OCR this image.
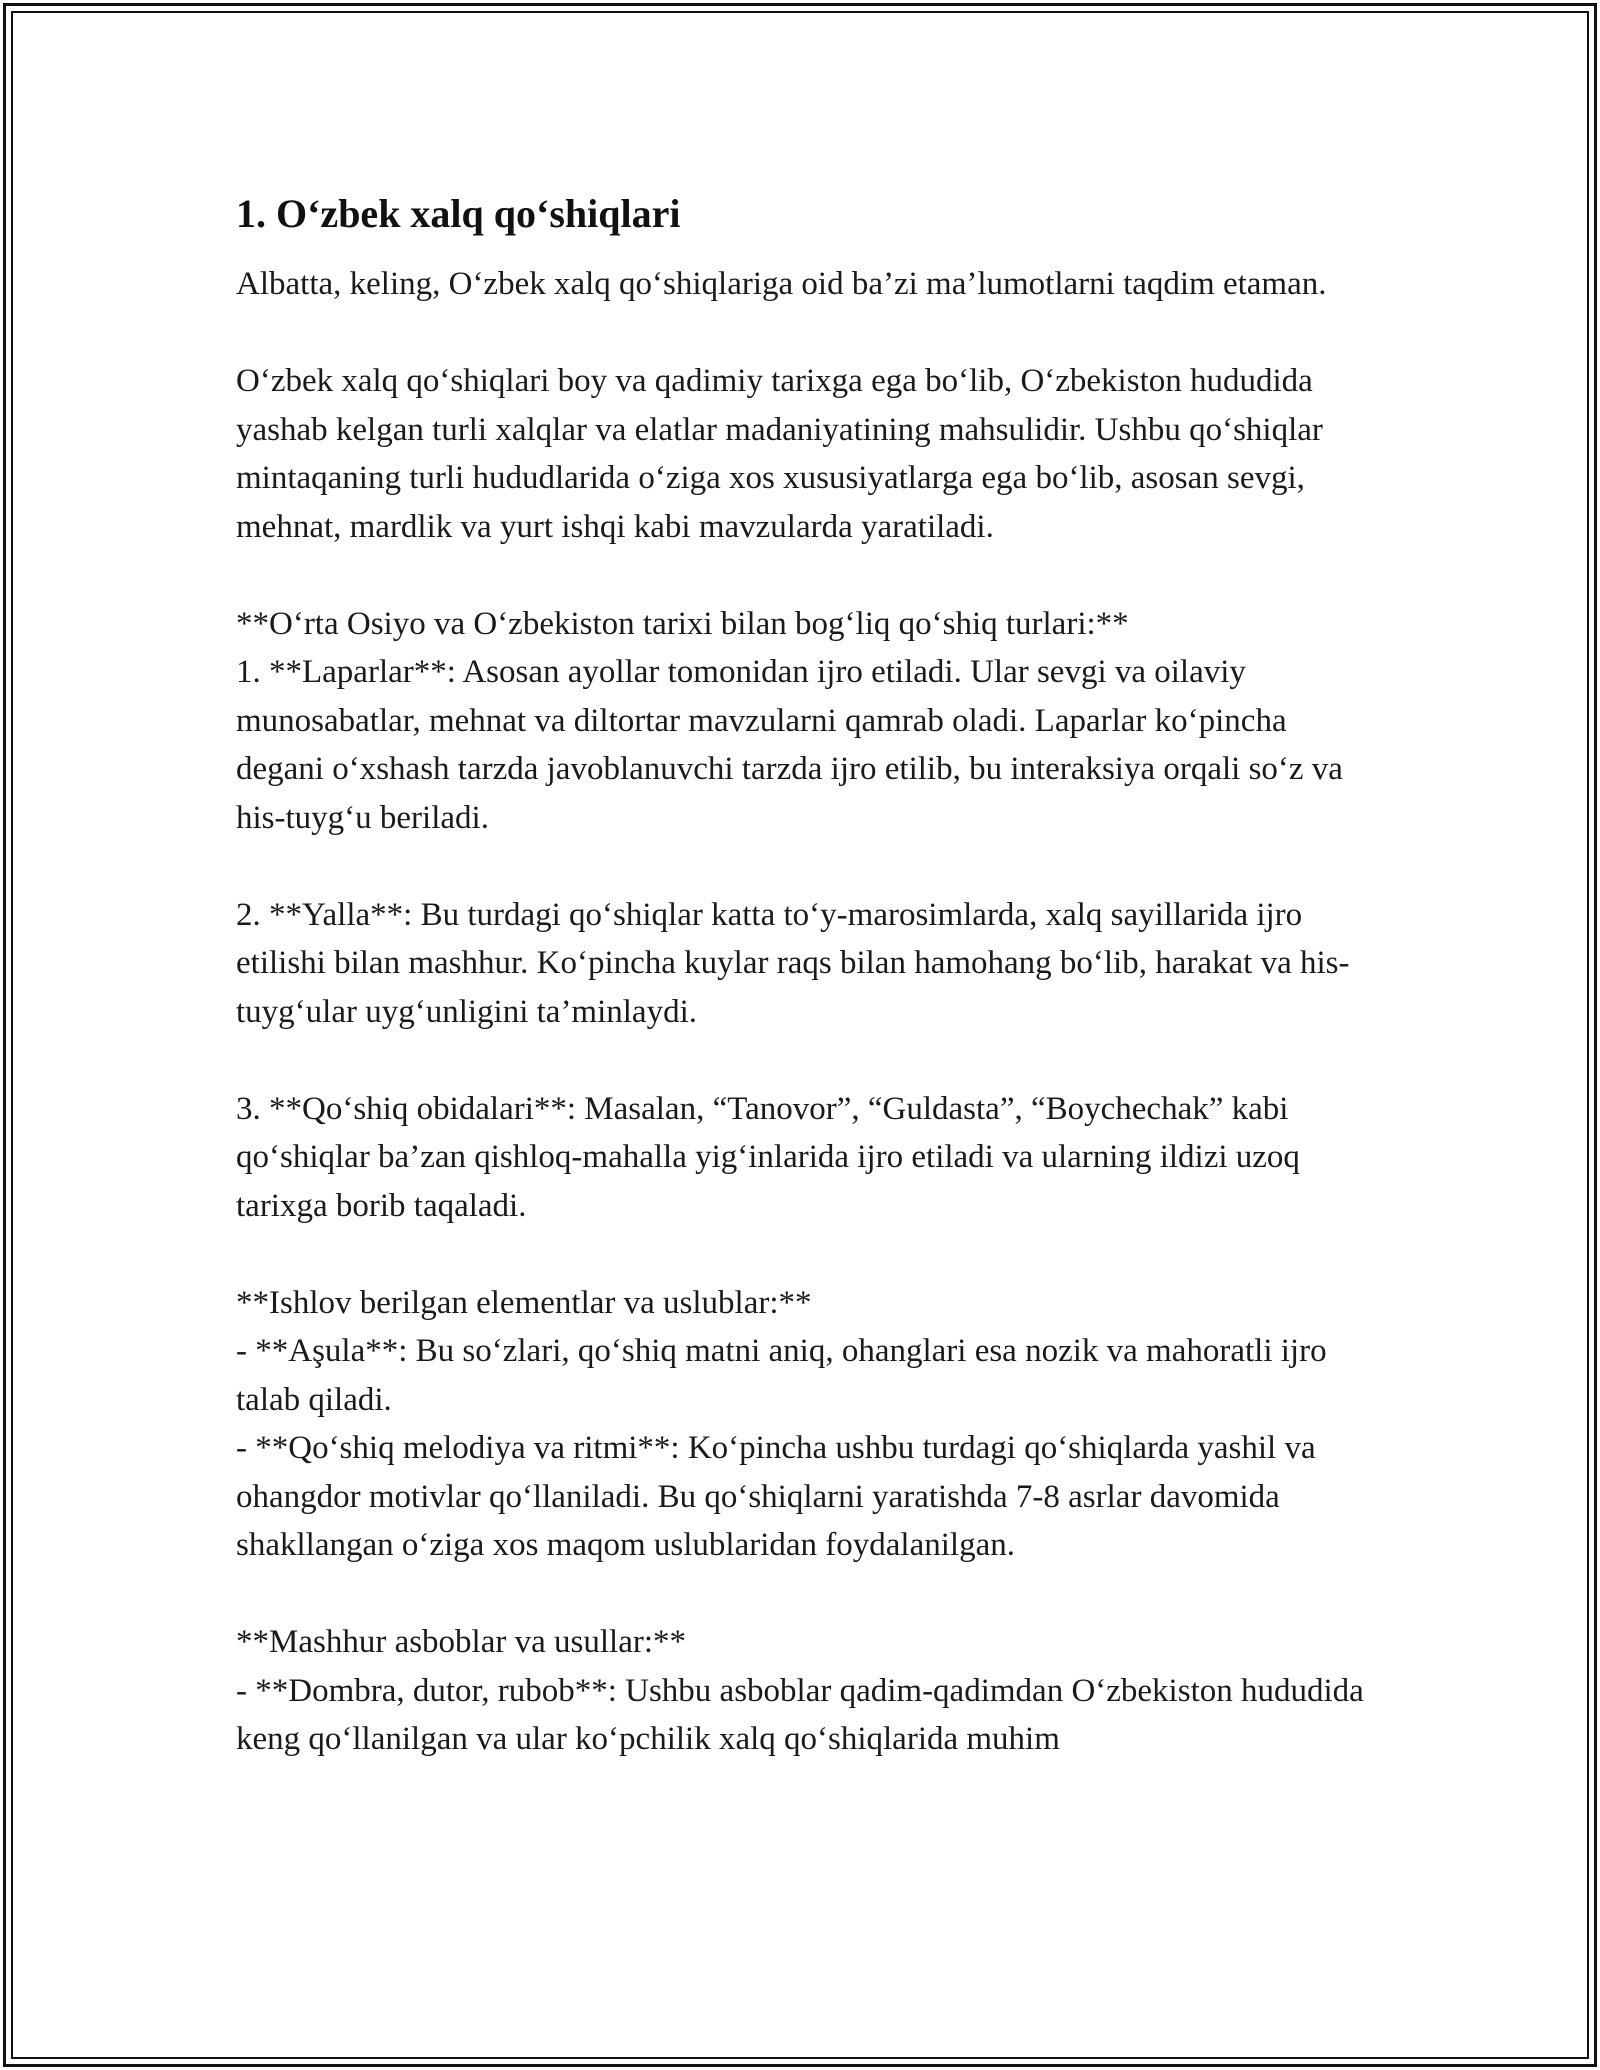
1. O‘zbek xalq qo‘shiqlari

Albatta, keling, O‘zbek xalq qo‘shiqlariga oid ba’zi ma’lumotlarni taqdim etaman.

O‘zbek xalq qo‘shiqlari boy va qadimiy tarixga ega bo‘lib, O‘zbekiston hududida yashab kelgan turli xalqlar va elatlar madaniyatining mahsulidir. Ushbu qo‘shiqlar mintaqaning turli hududlarida o‘ziga xos xususiyatlarga ega bo‘lib, asosan sevgi, mehnat, mardlik va yurt ishqi kabi mavzularda yaratiladi.

**O‘rta Osiyo va O‘zbekiston tarixi bilan bog‘liq qo‘shiq turlari:**

1. **Laparlar**: Asosan ayollar tomonidan ijro etiladi. Ular sevgi va oilaviy munosabatlar, mehnat va diltortar mavzularni qamrab oladi. Laparlar ko‘pincha degani o‘xshash tarzda javoblanuvchi tarzda ijro etilib, bu interaksiya orqali so‘z va his-tuyg‘u beriladi.

2. **Yalla**: Bu turdagi qo‘shiqlar katta to‘y-marosimlarda, xalq sayillarida ijro etilishi bilan mashhur. Ko‘pincha kuylar raqs bilan hamohang bo‘lib, harakat va his-tuyg‘ular uyg‘unligini ta’minlaydi.

3. **Qo‘shiq obidalari**: Masalan, “Tanovor”, “Guldasta”, “Boychechak” kabi qo‘shiqlar ba’zan qishloq-mahalla yig‘inlarida ijro etiladi va ularning ildizi uzoq tarixga borib taqaladi.

**Ishlov berilgan elementlar va uslublar:**

- **Aşula**: Bu so‘zlari, qo‘shiq matni aniq, ohanglari esa nozik va mahoratli ijro talab qiladi.

- **Qo‘shiq melodiya va ritmi**: Ko‘pincha ushbu turdagi qo‘shiqlarda yashil va ohangdor motivlar qo‘llaniladi. Bu qo‘shiqlarni yaratishda 7-8 asrlar davomida shakllangan o‘ziga xos maqom uslublaridan foydalanilgan.

**Mashhur asboblar va usullar:**

- **Dombra, dutor, rubob**: Ushbu asboblar qadim-qadimdan O‘zbekiston hududida keng qo‘llanilgan va ular ko‘pchilik xalq qo‘shiqlarida muhim
